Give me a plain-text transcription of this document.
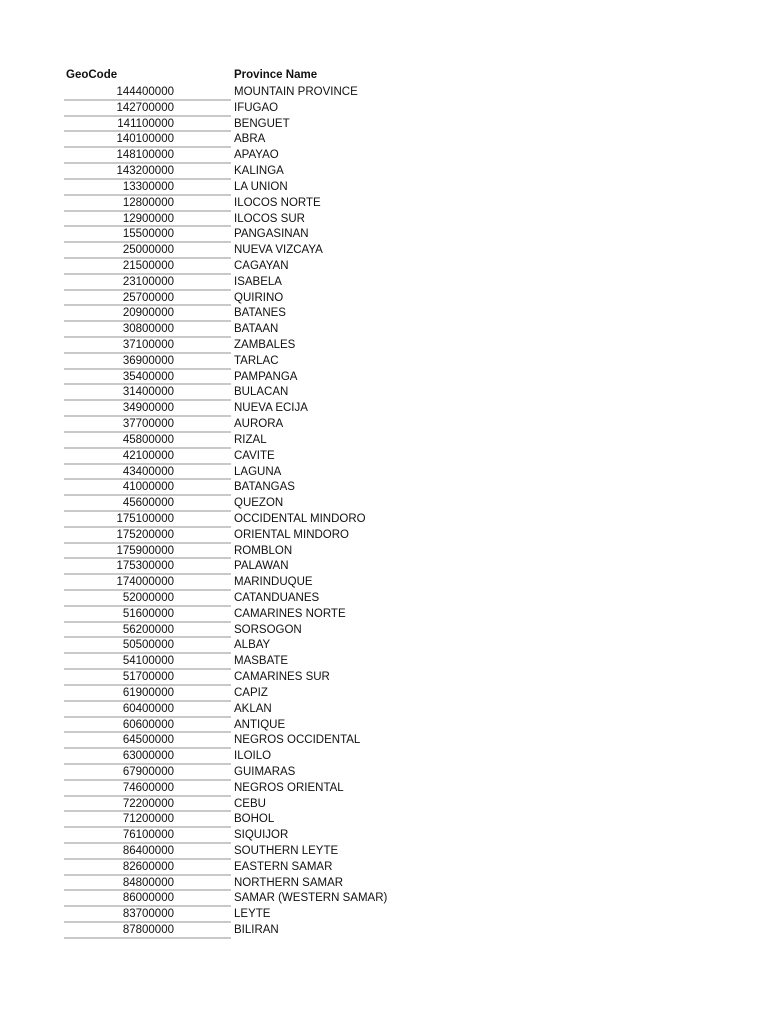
GeoCode	Province Name
144400000	MOUNTAIN PROVINCE
142700000	IFUGAO
141100000	BENGUET
140100000	ABRA
148100000	APAYAO
143200000	KALINGA
13300000	LA UNION
12800000	ILOCOS NORTE
12900000	ILOCOS SUR
15500000	PANGASINAN
25000000	NUEVA VIZCAYA
21500000	CAGAYAN
23100000	ISABELA
25700000	QUIRINO
20900000	BATANES
30800000	BATAAN
37100000	ZAMBALES
36900000	TARLAC
35400000	PAMPANGA
31400000	BULACAN
34900000	NUEVA ECIJA
37700000	AURORA
45800000	RIZAL
42100000	CAVITE
43400000	LAGUNA
41000000	BATANGAS
45600000	QUEZON
175100000	OCCIDENTAL MINDORO
175200000	ORIENTAL MINDORO
175900000	ROMBLON
175300000	PALAWAN
174000000	MARINDUQUE
52000000	CATANDUANES
51600000	CAMARINES NORTE
56200000	SORSOGON
50500000	ALBAY
54100000	MASBATE
51700000	CAMARINES SUR
61900000	CAPIZ
60400000	AKLAN
60600000	ANTIQUE
64500000	NEGROS OCCIDENTAL
63000000	ILOILO
67900000	GUIMARAS
74600000	NEGROS ORIENTAL
72200000	CEBU
71200000	BOHOL
76100000	SIQUIJOR
86400000	SOUTHERN LEYTE
82600000	EASTERN SAMAR
84800000	NORTHERN SAMAR
86000000	SAMAR (WESTERN SAMAR)
83700000	LEYTE
87800000	BILIRAN
